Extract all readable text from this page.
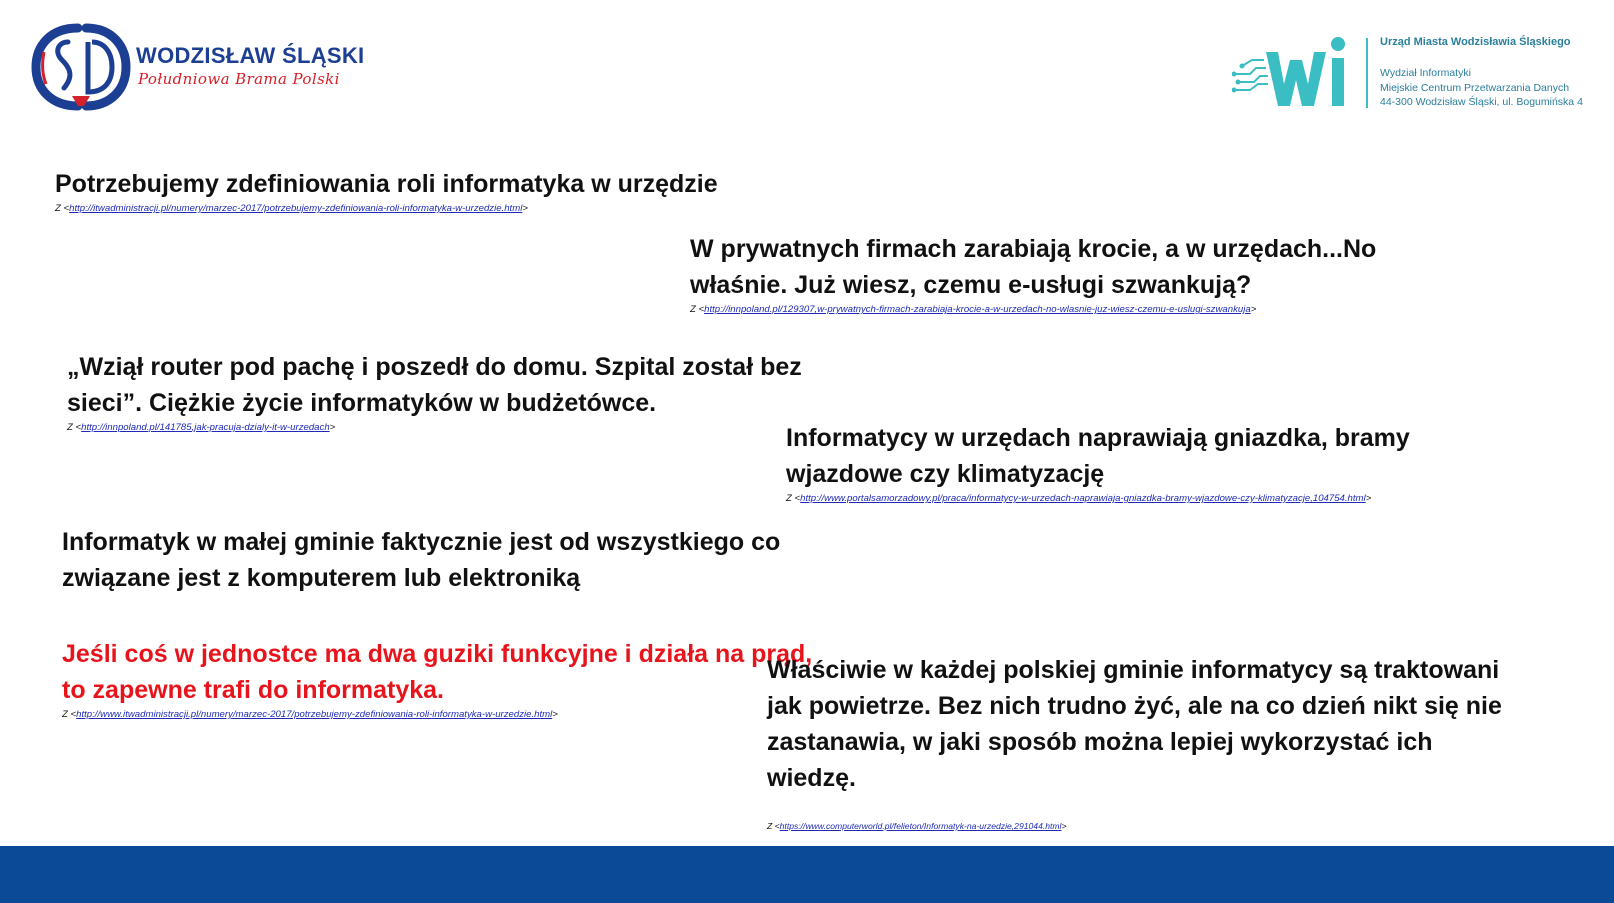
WODZISŁAW ŚLĄSKI
Południowa Brama Polski
Urząd Miasta Wodzisławia Śląskiego
Wydział Informatyki
Miejskie Centrum Przetwarzania Danych
44-300 Wodzisław Śląski, ul. Bogumińska 4
Potrzebujemy zdefiniowania roli informatyka w urzędzie
Z <http://itwadministracji.pl/numery/marzec-2017/potrzebujemy-zdefiniowania-roli-informatyka-w-urzedzie.html>
W prywatnych firmach zarabiają krocie, a w urzędach...No
właśnie. Już wiesz, czemu e-usługi szwankują?
Z <http://innpoland.pl/129307,w-prywatnych-firmach-zarabiaja-krocie-a-w-urzedach-no-wlasnie-juz-wiesz-czemu-e-uslugi-szwankuja>
„Wziął router pod pachę i poszedł do domu. Szpital został bez
sieci”. Ciężkie życie informatyków w budżetówce.
Z <http://innpoland.pl/141785,jak-pracuja-dzialy-it-w-urzedach>	Informatycy w urzędach naprawiają gniazdka, bramy
wjazdowe czy klimatyzację
Z <http://www.portalsamorzadowy.pl/praca/informatycy-w-urzedach-naprawiaja-gniazdka-bramy-wjazdowe-czy-klimatyzacje,104754.html>
Informatyk w małej gminie faktycznie jest od wszystkiego co
związane jest z komputerem lub elektroniką
Jeśli coś w jednostce ma dwa guziki funkcyjne i działa na prąd,
to zapewne trafi do informatyka.
Z <http://www.itwadministracji.pl/numery/marzec-2017/potrzebujemy-zdefiniowania-roli-informatyka-w-urzedzie.html>
Właściwie w każdej polskiej gminie informatycy są traktowani
jak powietrze. Bez nich trudno żyć, ale na co dzień nikt się nie
zastanawia, w jaki sposób można lepiej wykorzystać ich
wiedzę.
Z <https://www.computerworld.pl/felieton/Informatyk-na-urzedzie,291044.html>
